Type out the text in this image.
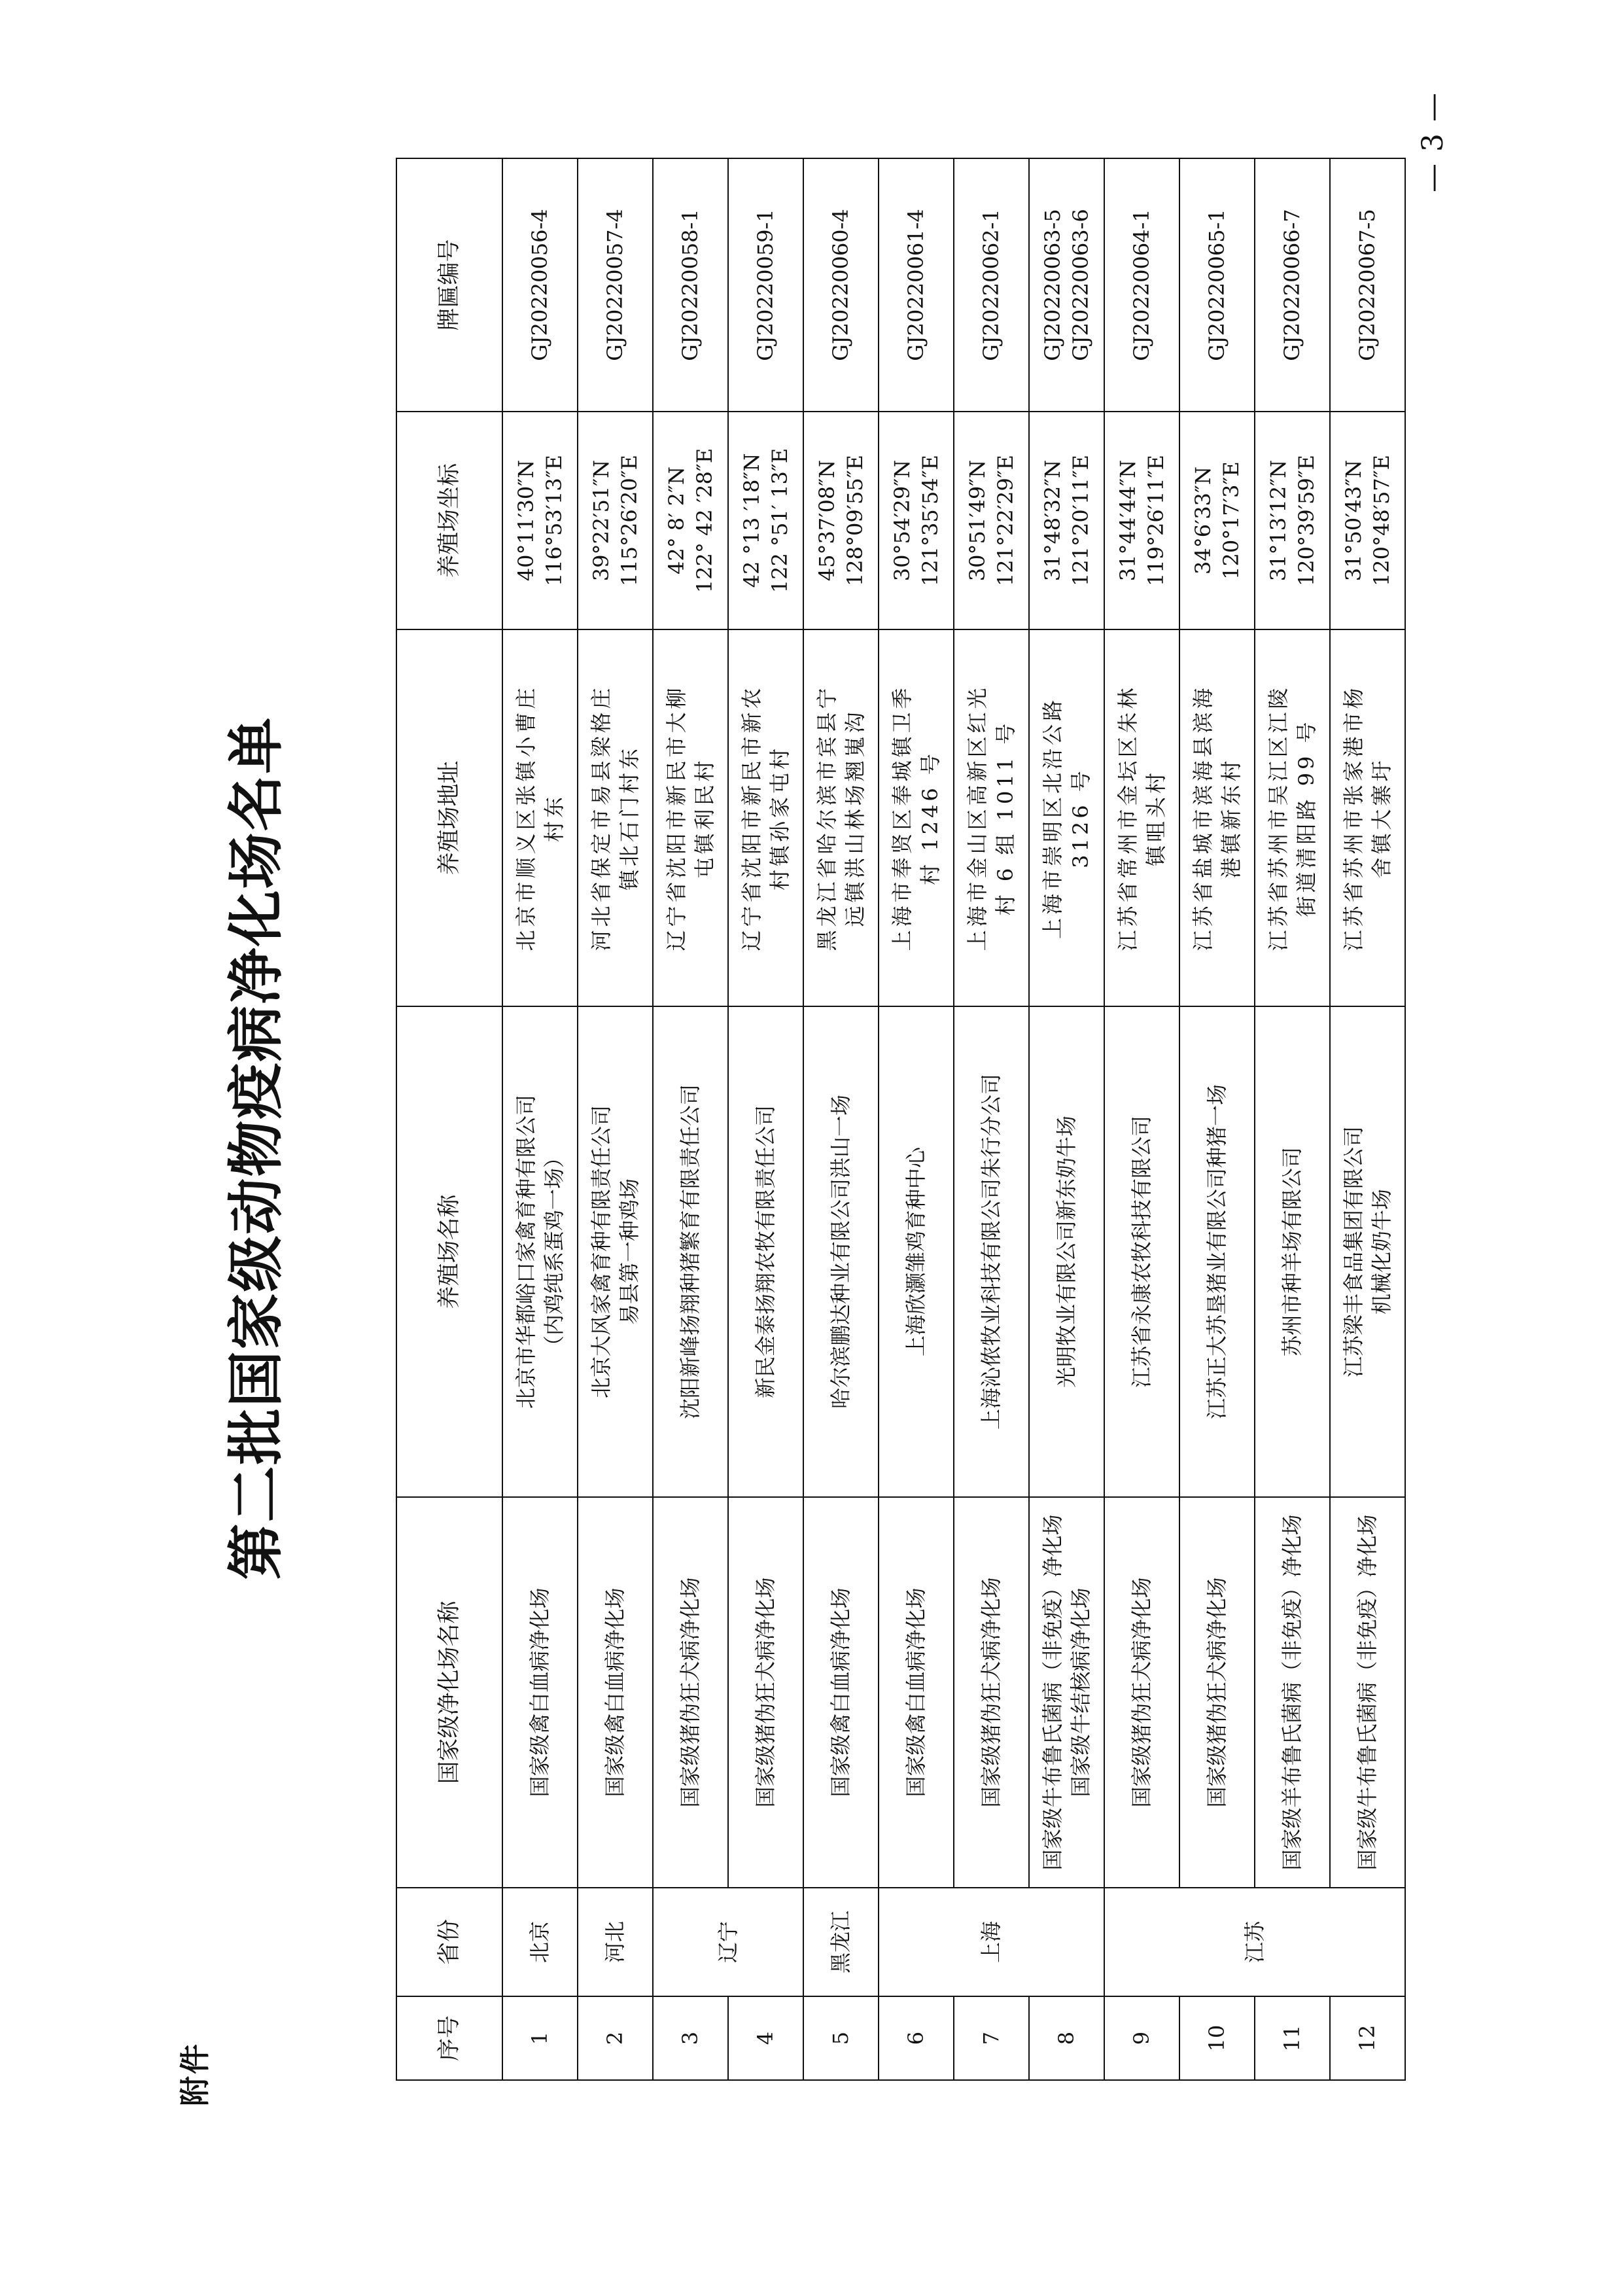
附件
第二批国家级动物疫病净化场名单
序号	省份	国家级净化场名称	养殖场名称	养殖场地址	养殖场坐标	牌匾编号
1	北京	国家级禽白血病净化场	北京市华都峪口家禽育种有限公司 （内鸡纯系蛋鸡一场）	北京市顺义区张镇小曹庄 村东	40°11′30″N 116°53′13″E	GJ20220056-4

2	河北	国家级禽白血病净化场	北京大风家禽育种有限责任公司 易县第一种鸡场	河北省保定市易县梁格庄 镇北石门村东	39°22′51″N 115°26′20″E	GJ20220057-4

3	辽宁	国家级猪伪狂犬病净化场	沈阳新峰扬翔种猪繁育有限责任公司	辽宁省沈阳市新民市大柳 屯镇利民村	42° 8′ 2″N 122° 42 ′28″E	GJ20220058-1

4		国家级猪伪狂犬病净化场	新民金泰扬翔农牧有限责任公司	辽宁省沈阳市新民市新农 村镇孙家屯村	42 °13 ′18″N 122 °51′ 13″E	GJ20220059-1

5	黑龙江	国家级禽白血病净化场	哈尔滨鹏达种业有限公司洪山一场	黑龙江省哈尔滨市宾县宁 远镇洪山林场翘嵬沟	45°37′08″N 128°09′55″E	GJ20220060-4

6	上海	国家级禽白血病净化场	上海欣灏雏鸡育种中心	上海市奉贤区奉城镇卫季 村 1246 号	30°54′29″N 121°35′54″E	GJ20220061-4

7		国家级猪伪狂犬病净化场	上海沁侬牧业科技有限公司朱行分公司	上海市金山区高新区红光 村 6 组 1011 号	30°51′49″N 121°22′29″E	GJ20220062-1

8		国家级牛布鲁氏菌病（非免疫）净化场 国家级牛结核病净化场	光明牧业有限公司新东奶牛场	上海市崇明区北沿公路 3126 号	31°48′32″N 121°20′11″E	GJ20220063-5 GJ20220063-6

9	江苏	国家级猪伪狂犬病净化场	江苏省永康农牧科技有限公司	江苏省常州市金坛区朱林 镇咀头村	31°44′44″N 119°26′11″E	GJ20220064-1

10		国家级猪伪狂犬病净化场	江苏正大苏垦猪业有限公司种猪一场	江苏省盐城市滨海县滨海 港镇新东村	34°6′33″N 120°17′3″E	GJ20220065-1

11		国家级羊布鲁氏菌病（非免疫）净化场	苏州市种羊场有限公司	江苏省苏州市吴江区江陵 街道清阳路 99 号	31°13′12″N 120°39′59″E	GJ20220066-7

12		国家级牛布鲁氏菌病（非免疫）净化场	江苏梁丰食品集团有限公司 机械化奶牛场	江苏省苏州市张家港市杨 舍镇大寨圩	31°50′43″N 120°48′57″E	GJ20220067-5
— 3 —
